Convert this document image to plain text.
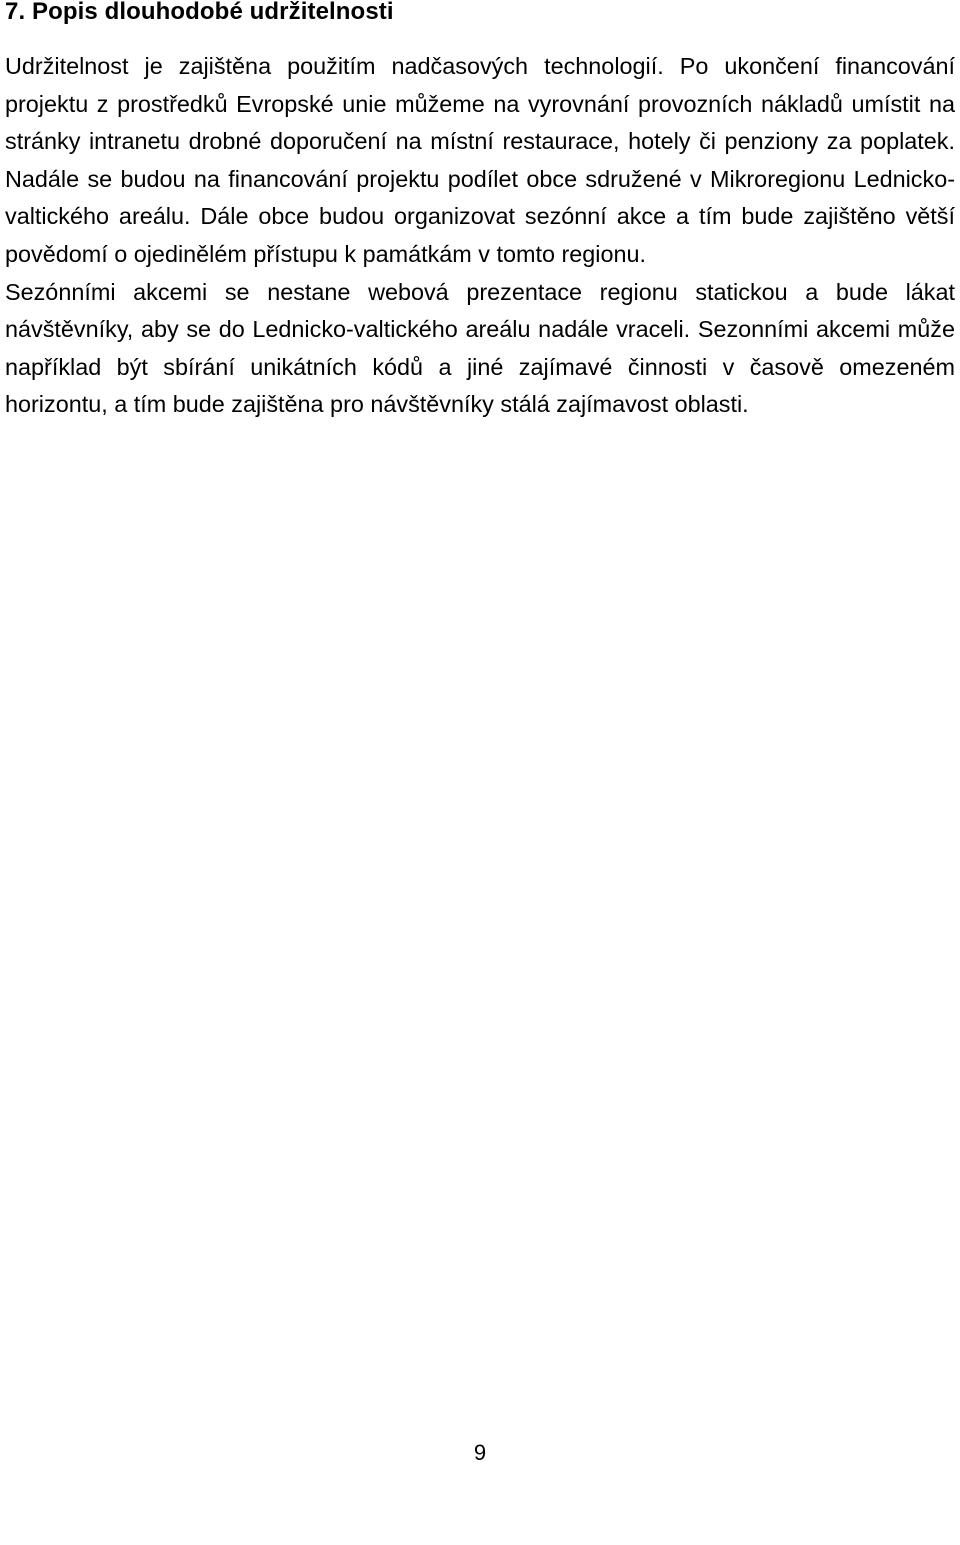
7. Popis dlouhodobé udržitelnosti

Udržitelnost je zajištěna použitím nadčasových technologií. Po ukončení financování projektu z prostředků Evropské unie můžeme na vyrovnání provozních nákladů umístit na stránky intranetu drobné doporučení na místní restaurace, hotely či penziony za poplatek. Nadále se budou na financování projektu podílet obce sdružené v Mikroregionu Lednicko-valtického areálu. Dále obce budou organizovat sezónní akce a tím bude zajištěno větší povědomí o ojedinělém přístupu k památkám v tomto regionu.

Sezónními akcemi se nestane webová prezentace regionu statickou a bude lákat návštěvníky, aby se do Lednicko-valtického areálu nadále vraceli. Sezonními akcemi může například být sbírání unikátních kódů a jiné zajímavé činnosti v časově omezeném horizontu, a tím bude zajištěna pro návštěvníky stálá zajímavost oblasti.

9
